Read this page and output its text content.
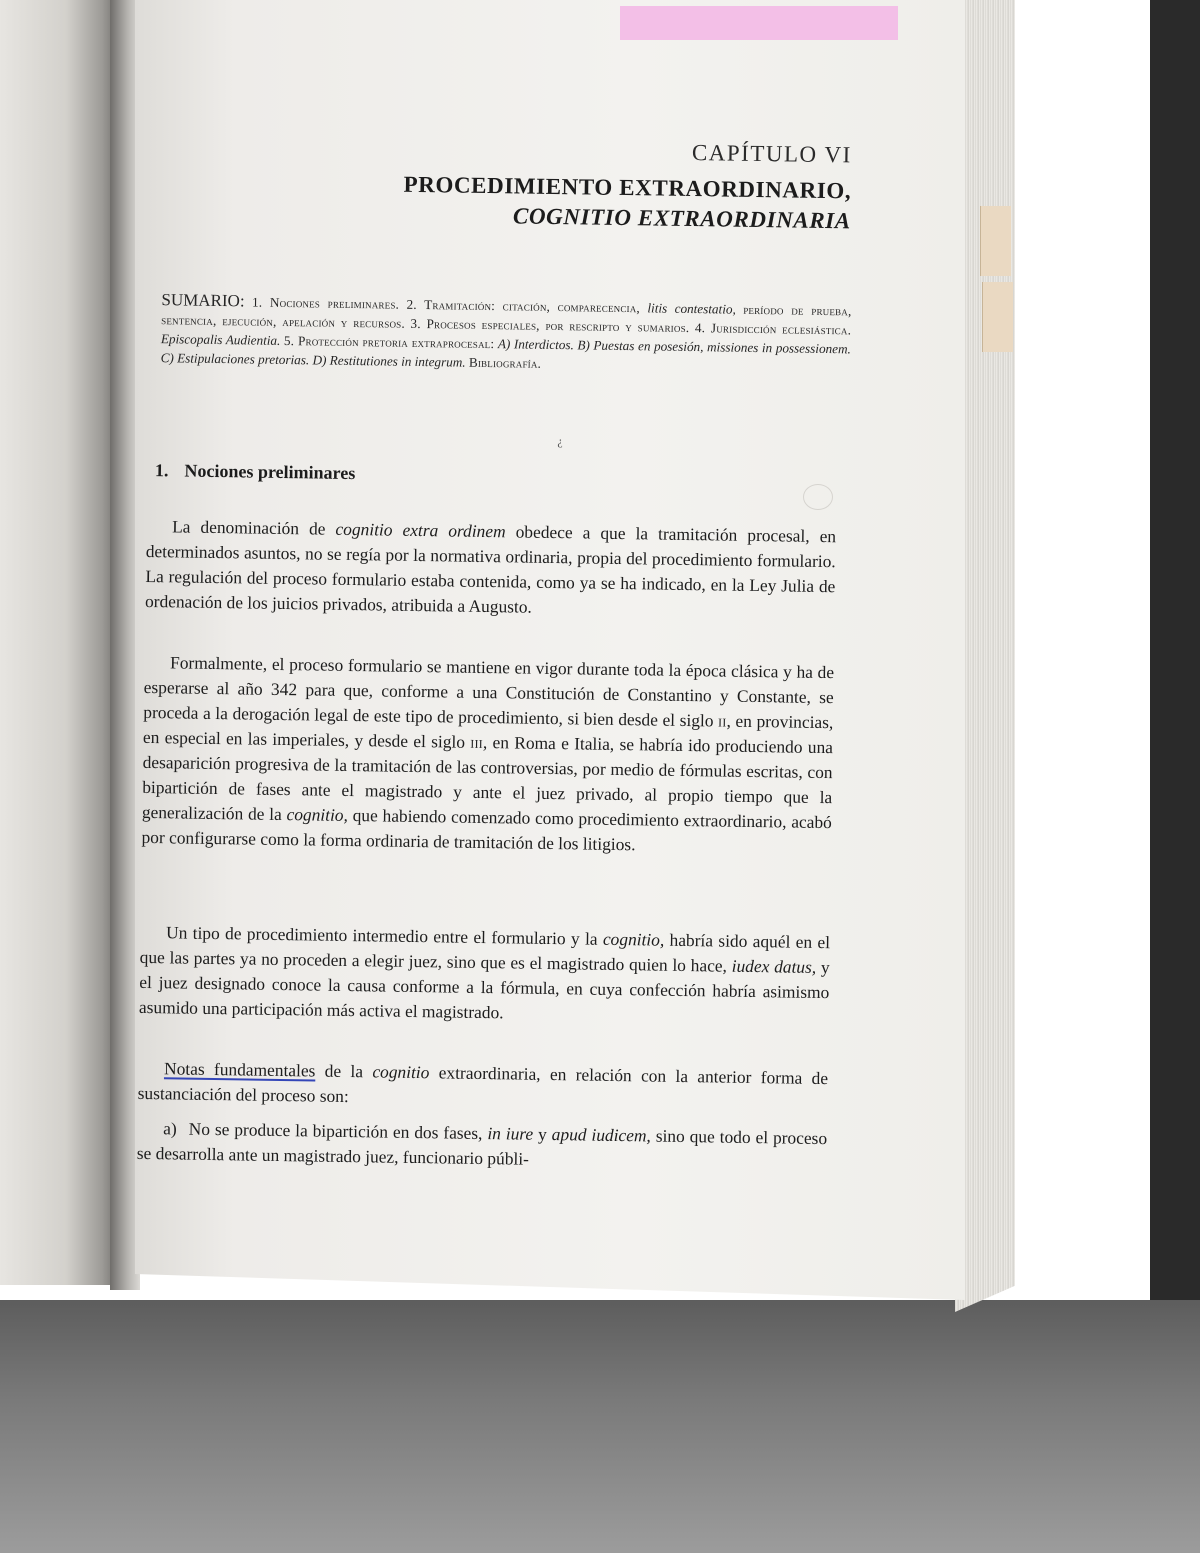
CAPÍTULO VI
PROCEDIMIENTO EXTRAORDINARIO,
COGNITIO EXTRAORDINARIA
SUMARIO: 1. Nociones preliminares. 2. Tramitación: citación, comparecencia, litis contestatio, período de prueba, sentencia, ejecución, apelación y recursos. 3. Procesos especiales, por rescripto y sumarios. 4. Jurisdicción eclesiástica. Episcopalis Audientia. 5. Protección pretoria extraprocesal: A) Interdictos. B) Puestas en posesión, missiones in possessionem. C) Estipulaciones pretorias. D) Restitutiones in integrum. Bibliografía.
¿
1. Nociones preliminares

La denominación de cognitio extra ordinem obedece a que la tramitación procesal, en determinados asuntos, no se regía por la normativa ordinaria, propia del procedimiento formulario. La regulación del proceso formulario estaba contenida, como ya se ha indicado, en la Ley Julia de ordenación de los juicios privados, atribuida a Augusto.

Formalmente, el proceso formulario se mantiene en vigor durante toda la época clásica y ha de esperarse al año 342 para que, conforme a una Constitución de Constantino y Constante, se proceda a la derogación legal de este tipo de procedimiento, si bien desde el siglo ii, en provincias, en especial en las imperiales, y desde el siglo iii, en Roma e Italia, se habría ido produciendo una desaparición progresiva de la tramitación de las controversias, por medio de fórmulas escritas, con bipartición de fases ante el magistrado y ante el juez privado, al propio tiempo que la generalización de la cognitio, que habiendo comenzado como procedimiento extraordinario, acabó por configurarse como la forma ordinaria de tramitación de los litigios.

Un tipo de procedimiento intermedio entre el formulario y la cognitio, habría sido aquél en el que las partes ya no proceden a elegir juez, sino que es el magistrado quien lo hace, iudex datus, y el juez designado conoce la causa conforme a la fórmula, en cuya confección habría asimismo asumido una participación más activa el magistrado.

Notas fundamentales de la cognitio extraordinaria, en relación con la anterior forma de sustanciación del proceso son:

a) No se produce la bipartición en dos fases, in iure y apud iudicem, sino que todo el proceso se desarrolla ante un magistrado juez, funcionario públi-
